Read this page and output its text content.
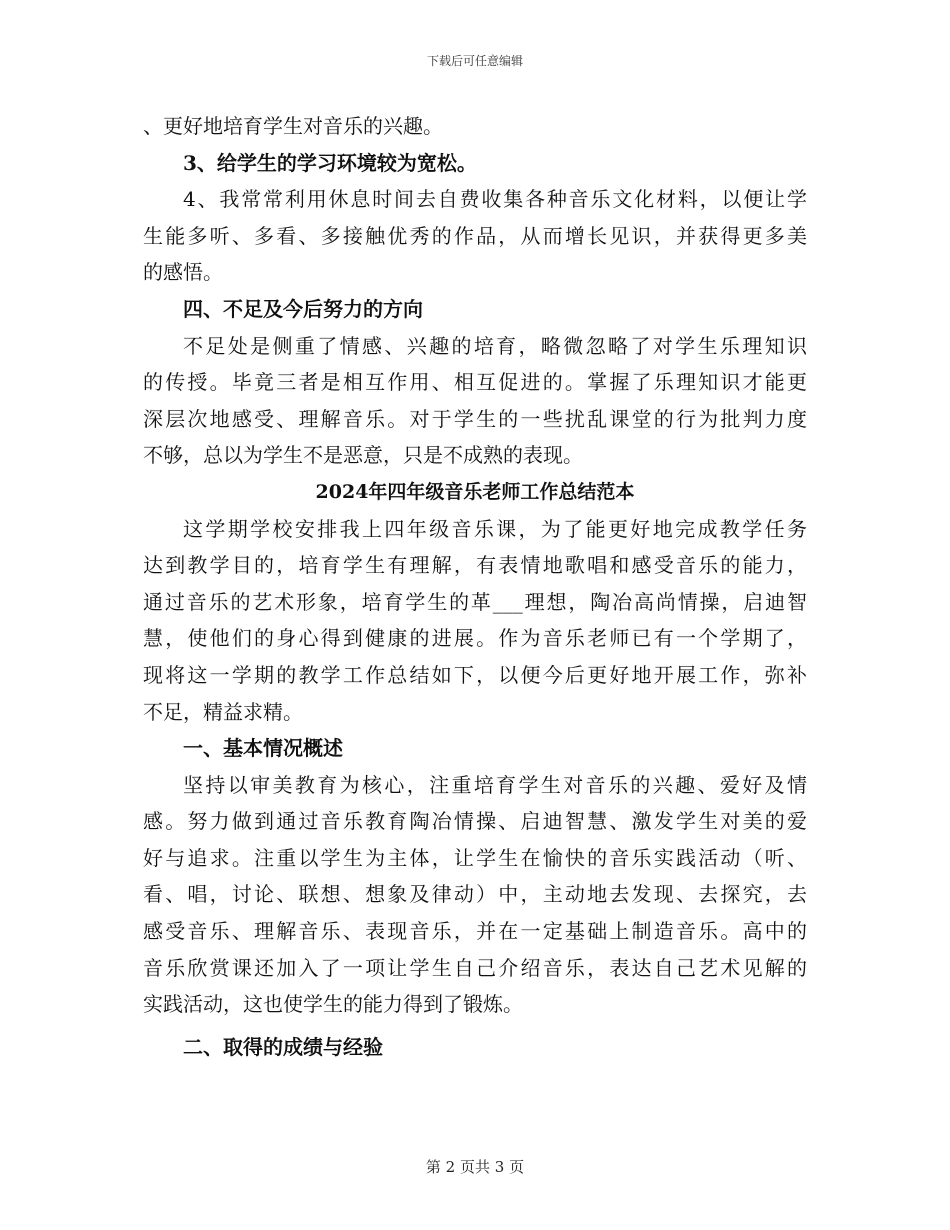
下载后可任意编辑
、更好地培育学生对音乐的兴趣。
3、给学生的学习环境较为宽松。
4、我常常利用休息时间去自费收集各种音乐文化材料，以便让学
生能多听、多看、多接触优秀的作品，从而增长见识，并获得更多美
的感悟。
四、不足及今后努力的方向
不足处是侧重了情感、兴趣的培育，略微忽略了对学生乐理知识
的传授。毕竟三者是相互作用、相互促进的。掌握了乐理知识才能更
深层次地感受、理解音乐。对于学生的一些扰乱课堂的行为批判力度
不够，总以为学生不是恶意，只是不成熟的表现。
2024年四年级音乐老师工作总结范本
这学期学校安排我上四年级音乐课，为了能更好地完成教学任务
达到教学目的，培育学生有理解，有表情地歌唱和感受音乐的能力，
通过音乐的艺术形象，培育学生的革___理想，陶冶高尚情操，启迪智
慧，使他们的身心得到健康的进展。作为音乐老师已有一个学期了，
现将这一学期的教学工作总结如下，以便今后更好地开展工作，弥补
不足，精益求精。
一、基本情况概述
坚持以审美教育为核心，注重培育学生对音乐的兴趣、爱好及情
感。努力做到通过音乐教育陶冶情操、启迪智慧、激发学生对美的爱
好与追求。注重以学生为主体，让学生在愉快的音乐实践活动（听、
看、唱，讨论、联想、想象及律动）中，主动地去发现、去探究，去
感受音乐、理解音乐、表现音乐，并在一定基础上制造音乐。高中的
音乐欣赏课还加入了一项让学生自己介绍音乐，表达自己艺术见解的
实践活动，这也使学生的能力得到了锻炼。
二、取得的成绩与经验
第 2 页共 3 页
